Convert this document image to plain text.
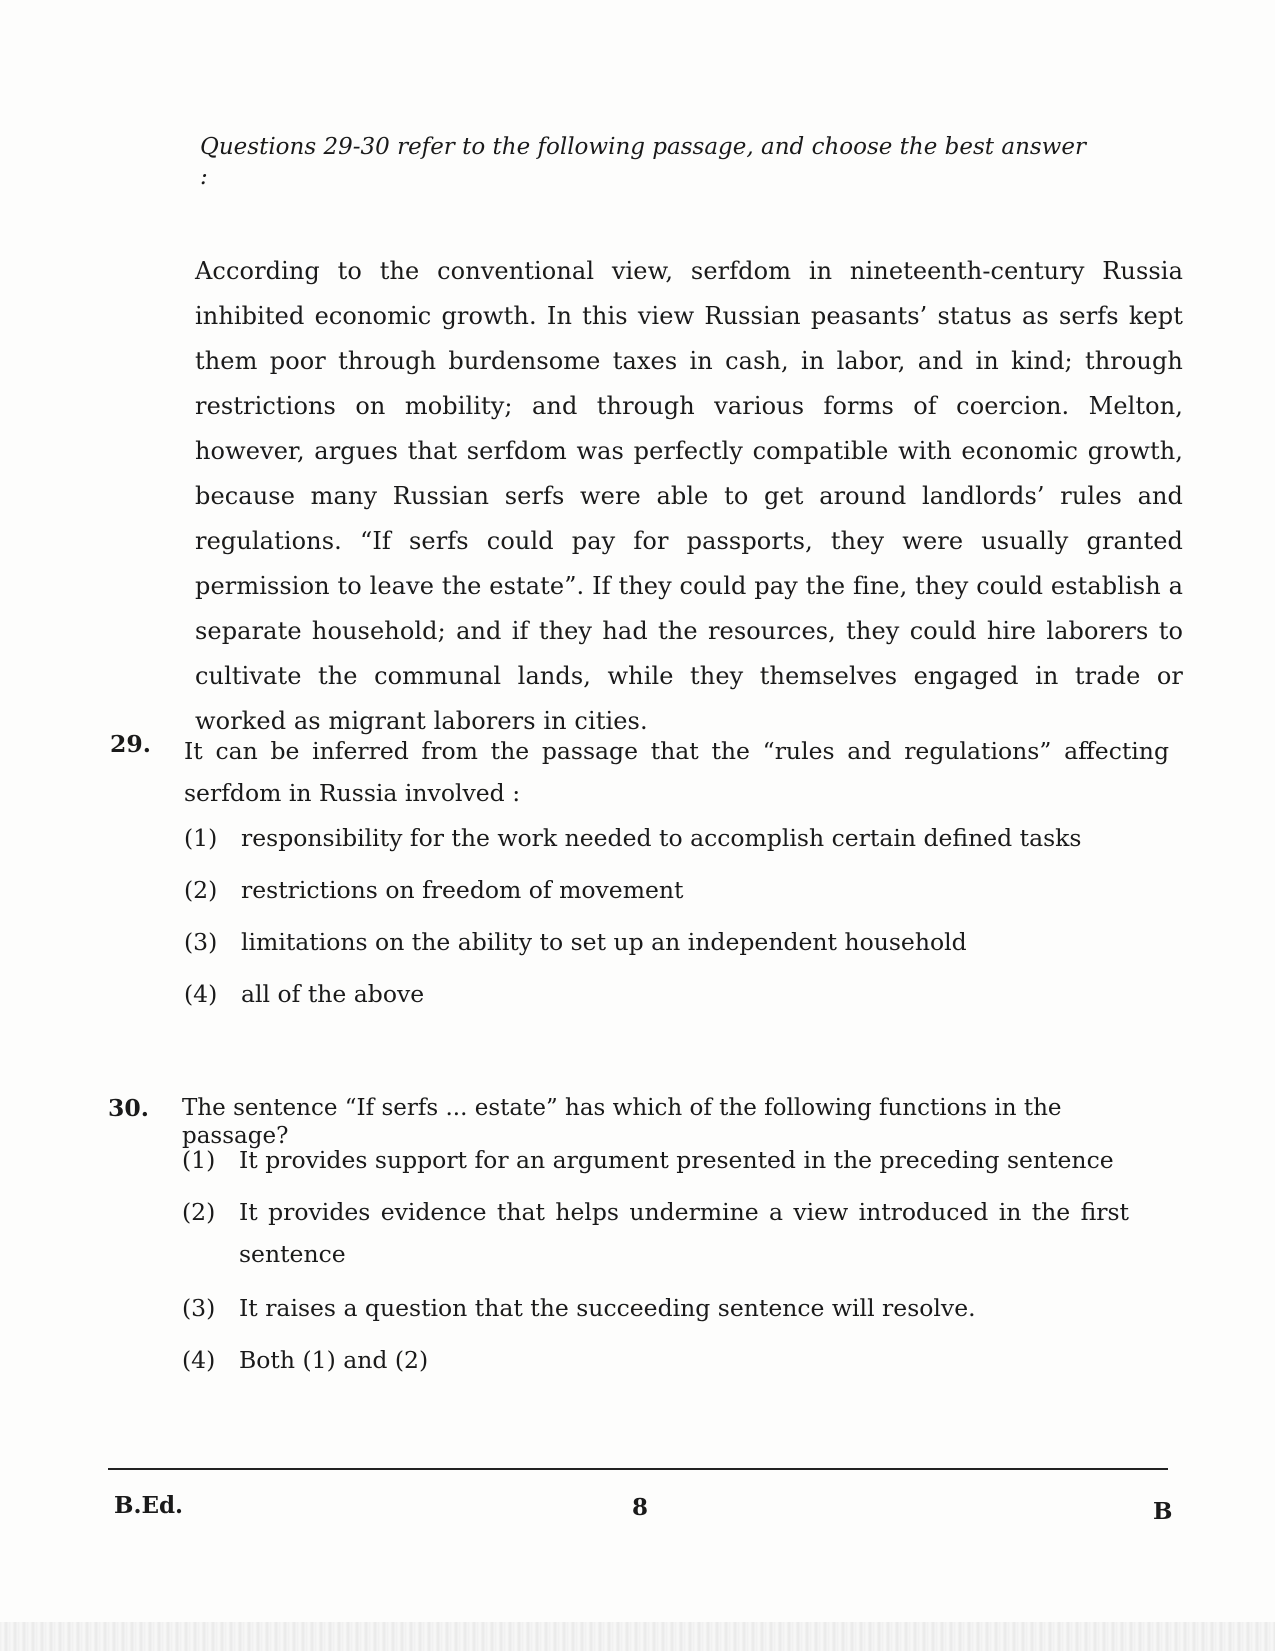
Questions 29-30 refer to the following passage, and choose the best answer :
According to the conventional view, serfdom in nineteenth-century Russia inhibited economic growth. In this view Russian peasants’ status as serfs kept them poor through burdensome taxes in cash, in labor, and in kind; through restrictions on mobility; and through various forms of coercion. Melton, however, argues that serfdom was perfectly compatible with economic growth, because many Russian serfs were able to get around landlords’ rules and regulations. “If serfs could pay for passports, they were usually granted permission to leave the estate”. If they could pay the fine, they could establish a separate household; and if they had the resources, they could hire laborers to cultivate the communal lands, while they themselves engaged in trade or worked as migrant laborers in cities.
29. It can be inferred from the passage that the “rules and regulations” affecting serfdom in Russia involved :
(1) responsibility for the work needed to accomplish certain defined tasks
(2) restrictions on freedom of movement
(3) limitations on the ability to set up an independent household
(4) all of the above
30. The sentence “If serfs ... estate” has which of the following functions in the passage?
(1) It provides support for an argument presented in the preceding sentence
(2) It provides evidence that helps undermine a view introduced in the first sentence
(3) It raises a question that the succeeding sentence will resolve.
(4) Both (1) and (2)
B.Ed.	8	B
